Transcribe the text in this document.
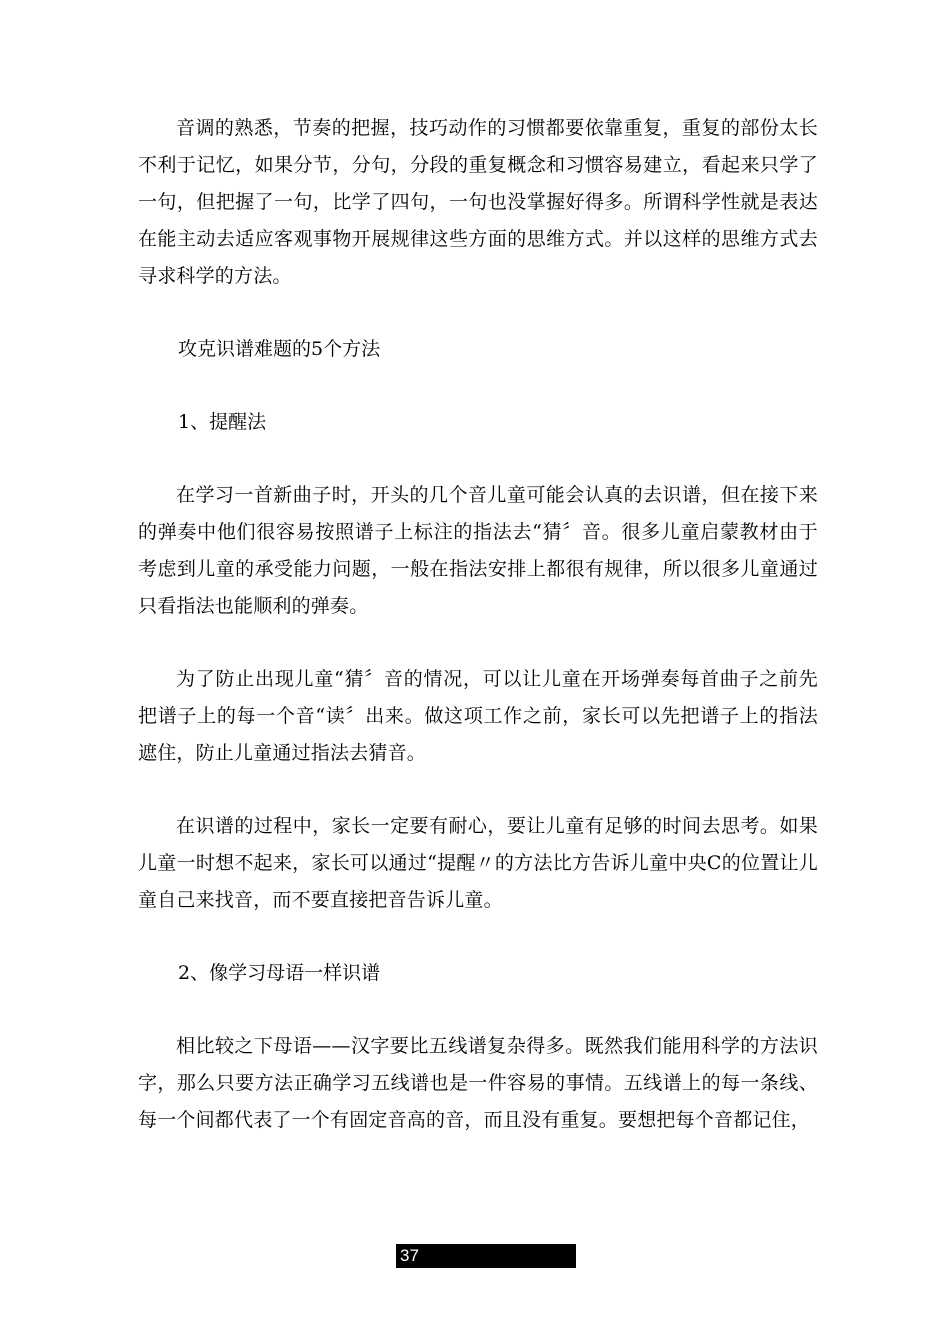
音调的熟悉，节奏的把握，技巧动作的习惯都要依靠重复，重复的部份太长不利于记忆，如果分节，分句，分段的重复概念和习惯容易建立，看起来只学了一句，但把握了一句，比学了四句，一句也没掌握好得多。所谓科学性就是表达在能主动去适应客观事物开展规律这些方面的思维方式。并以这样的思维方式去寻求科学的方法。

攻克识谱难题的5个方法

1、提醒法

在学习一首新曲子时，开头的几个音儿童可能会认真的去识谱，但在接下来的弹奏中他们很容易按照谱子上标注的指法去“猜〞音。很多儿童启蒙教材由于考虑到儿童的承受能力问题，一般在指法安排上都很有规律，所以很多儿童通过只看指法也能顺利的弹奏。

为了防止出现儿童“猜〞音的情况，可以让儿童在开场弹奏每首曲子之前先把谱子上的每一个音“读〞出来。做这项工作之前，家长可以先把谱子上的指法遮住，防止儿童通过指法去猜音。

在识谱的过程中，家长一定要有耐心，要让儿童有足够的时间去思考。如果儿童一时想不起来，家长可以通过“提醒〃的方法比方告诉儿童中央C的位置让儿童自己来找音，而不要直接把音告诉儿童。

2、像学习母语一样识谱

相比较之下母语——汉字要比五线谱复杂得多。既然我们能用科学的方法识字，那么只要方法正确学习五线谱也是一件容易的事情。五线谱上的每一条线、每一个间都代表了一个有固定音高的音，而且没有重复。要想把每个音都记住，

37
